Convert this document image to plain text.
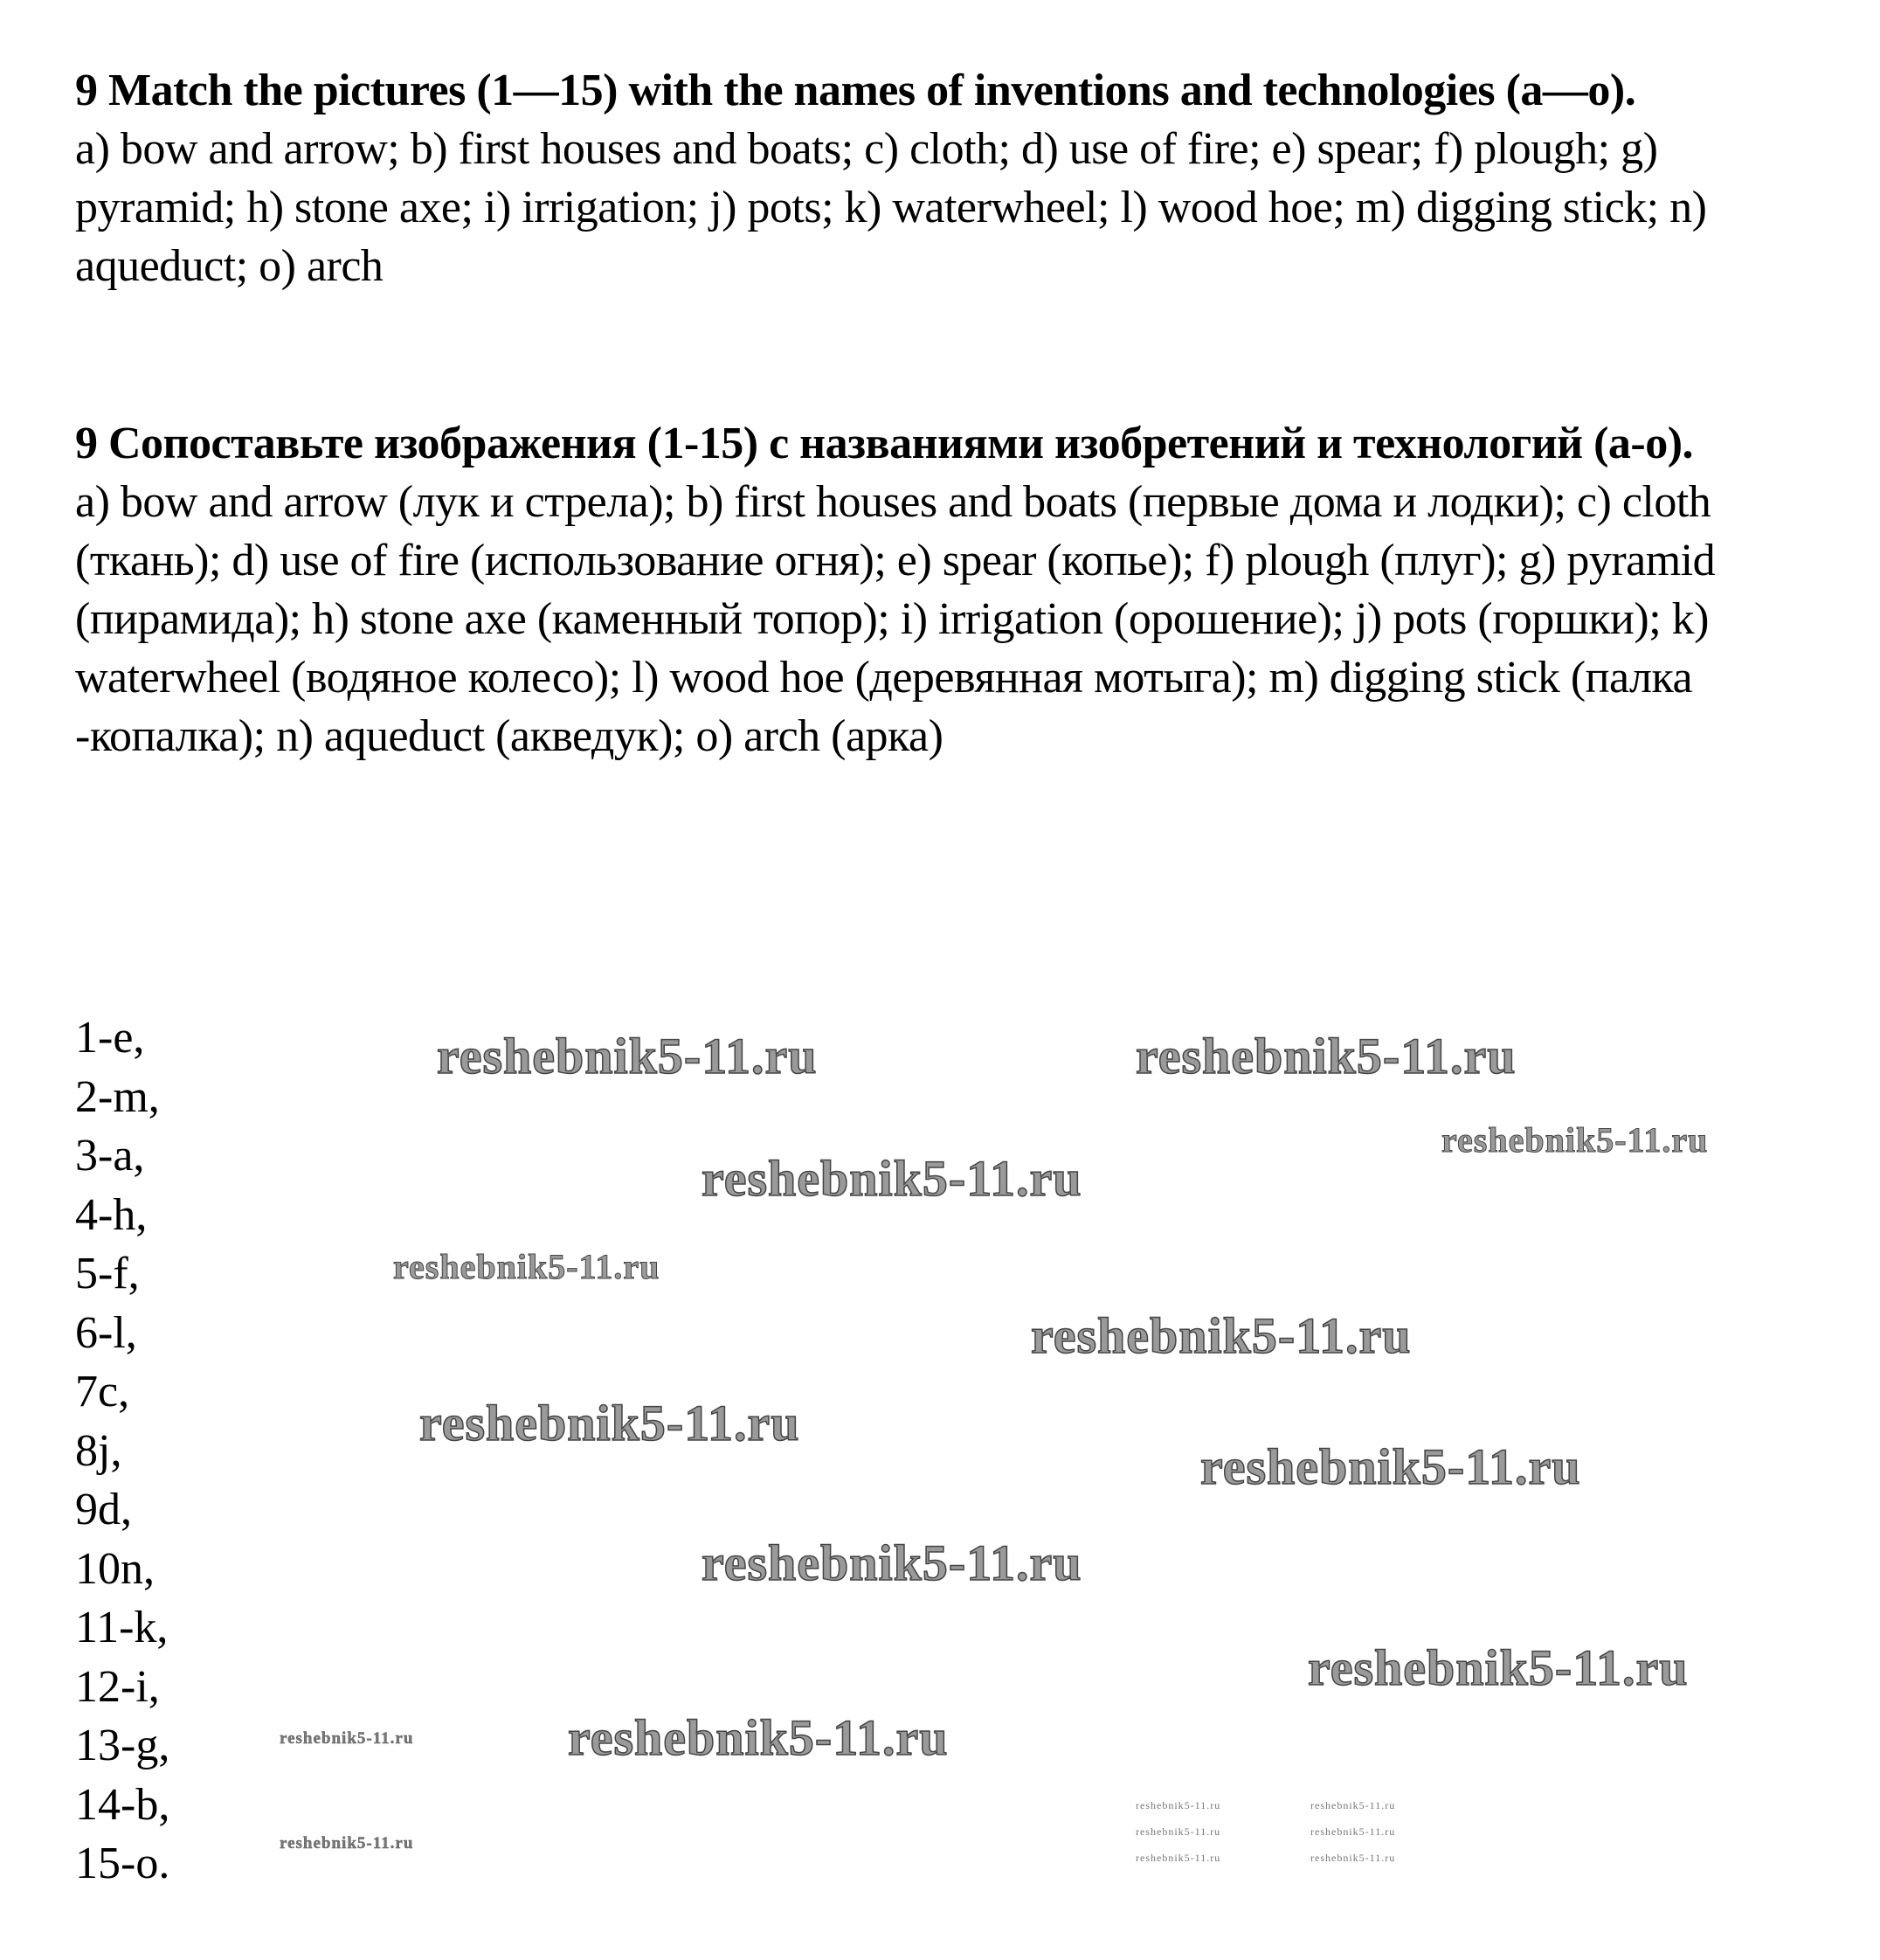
9 Match the pictures (1—15) with the names of inventions and technologies (a—o).

a) bow and arrow; b) first houses and boats; c) cloth; d) use of fire; e) spear; f) plough; g) pyramid; h) stone axe; i) irrigation; j) pots; k) waterwheel; l) wood hoe; m) digging stick; n) aqueduct; o) arch

9 Сопоставьте изображения (1-15) с названиями изобретений и технологий (а-о).

a) bow and arrow (лук и стрела); b) first houses and boats (первые дома и лодки); c) cloth (ткань); d) use of fire (использование огня); e) spear (копье); f) plough (плуг); g) pyramid (пирамида); h) stone axe (каменный топор); i) irrigation (орошение); j) pots (горшки); k) waterwheel (водяное колесо); l) wood hoe (деревянная мотыга); m) digging stick (палка -копалка); n) aqueduct (акведук); o) arch (арка)

1-e,
2-m,
3-a,
4-h,
5-f,
6-l,
7c,
8j,
9d,
10n,
11-k,
12-i,
13-g,
14-b,
15-o.
reshebnik5-11.ru	reshebnik5-11.ru
reshebnik5-11.ru
reshebnik5-11.ru
reshebnik5-11.ru
reshebnik5-11.ru
reshebnik5-11.ru
reshebnik5-11.ru
reshebnik5-11.ru
reshebnik5-11.ru
reshebnik5-11.ru
reshebnik5-11.ru
reshebnik5-11.ru
reshebnik5-11.ru
reshebnik5-11.ru
reshebnik5-11.ru
reshebnik5-11.ru
reshebnik5-11.ru
reshebnik5-11.ru
